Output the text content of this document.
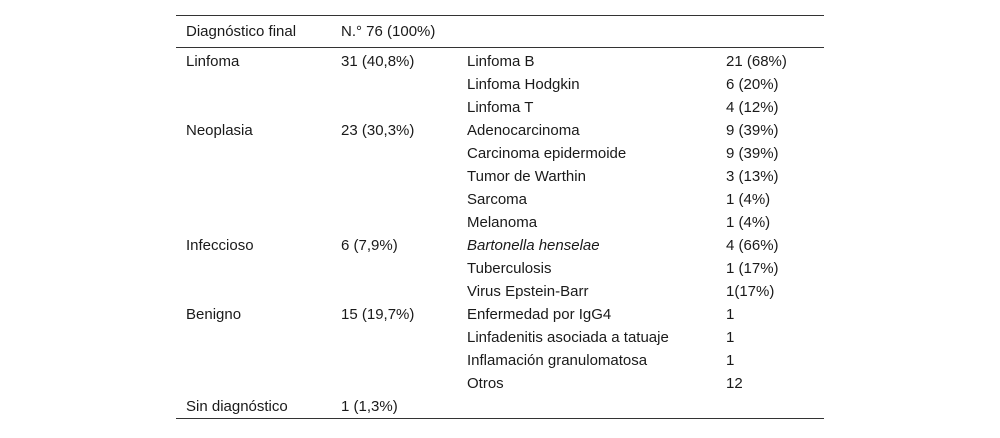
Diagnóstico final	N.° 76 (100%)		
Linfoma	31 (40,8%)	Linfoma B	21 (68%)
		Linfoma Hodgkin	6 (20%)
		Linfoma T	4 (12%)
Neoplasia	23 (30,3%)	Adenocarcinoma	9 (39%)
		Carcinoma epidermoide	9 (39%)
		Tumor de Warthin	3 (13%)
		Sarcoma	1 (4%)
		Melanoma	1 (4%)
Infeccioso	6 (7,9%)	Bartonella henselae	4 (66%)
		Tuberculosis	1 (17%)
		Virus Epstein-Barr	1(17%)
Benigno	15 (19,7%)	Enfermedad por IgG4	1
		Linfadenitis asociada a tatuaje	1
		Inflamación granulomatosa	1
		Otros	12
Sin diagnóstico	1 (1,3%)		
